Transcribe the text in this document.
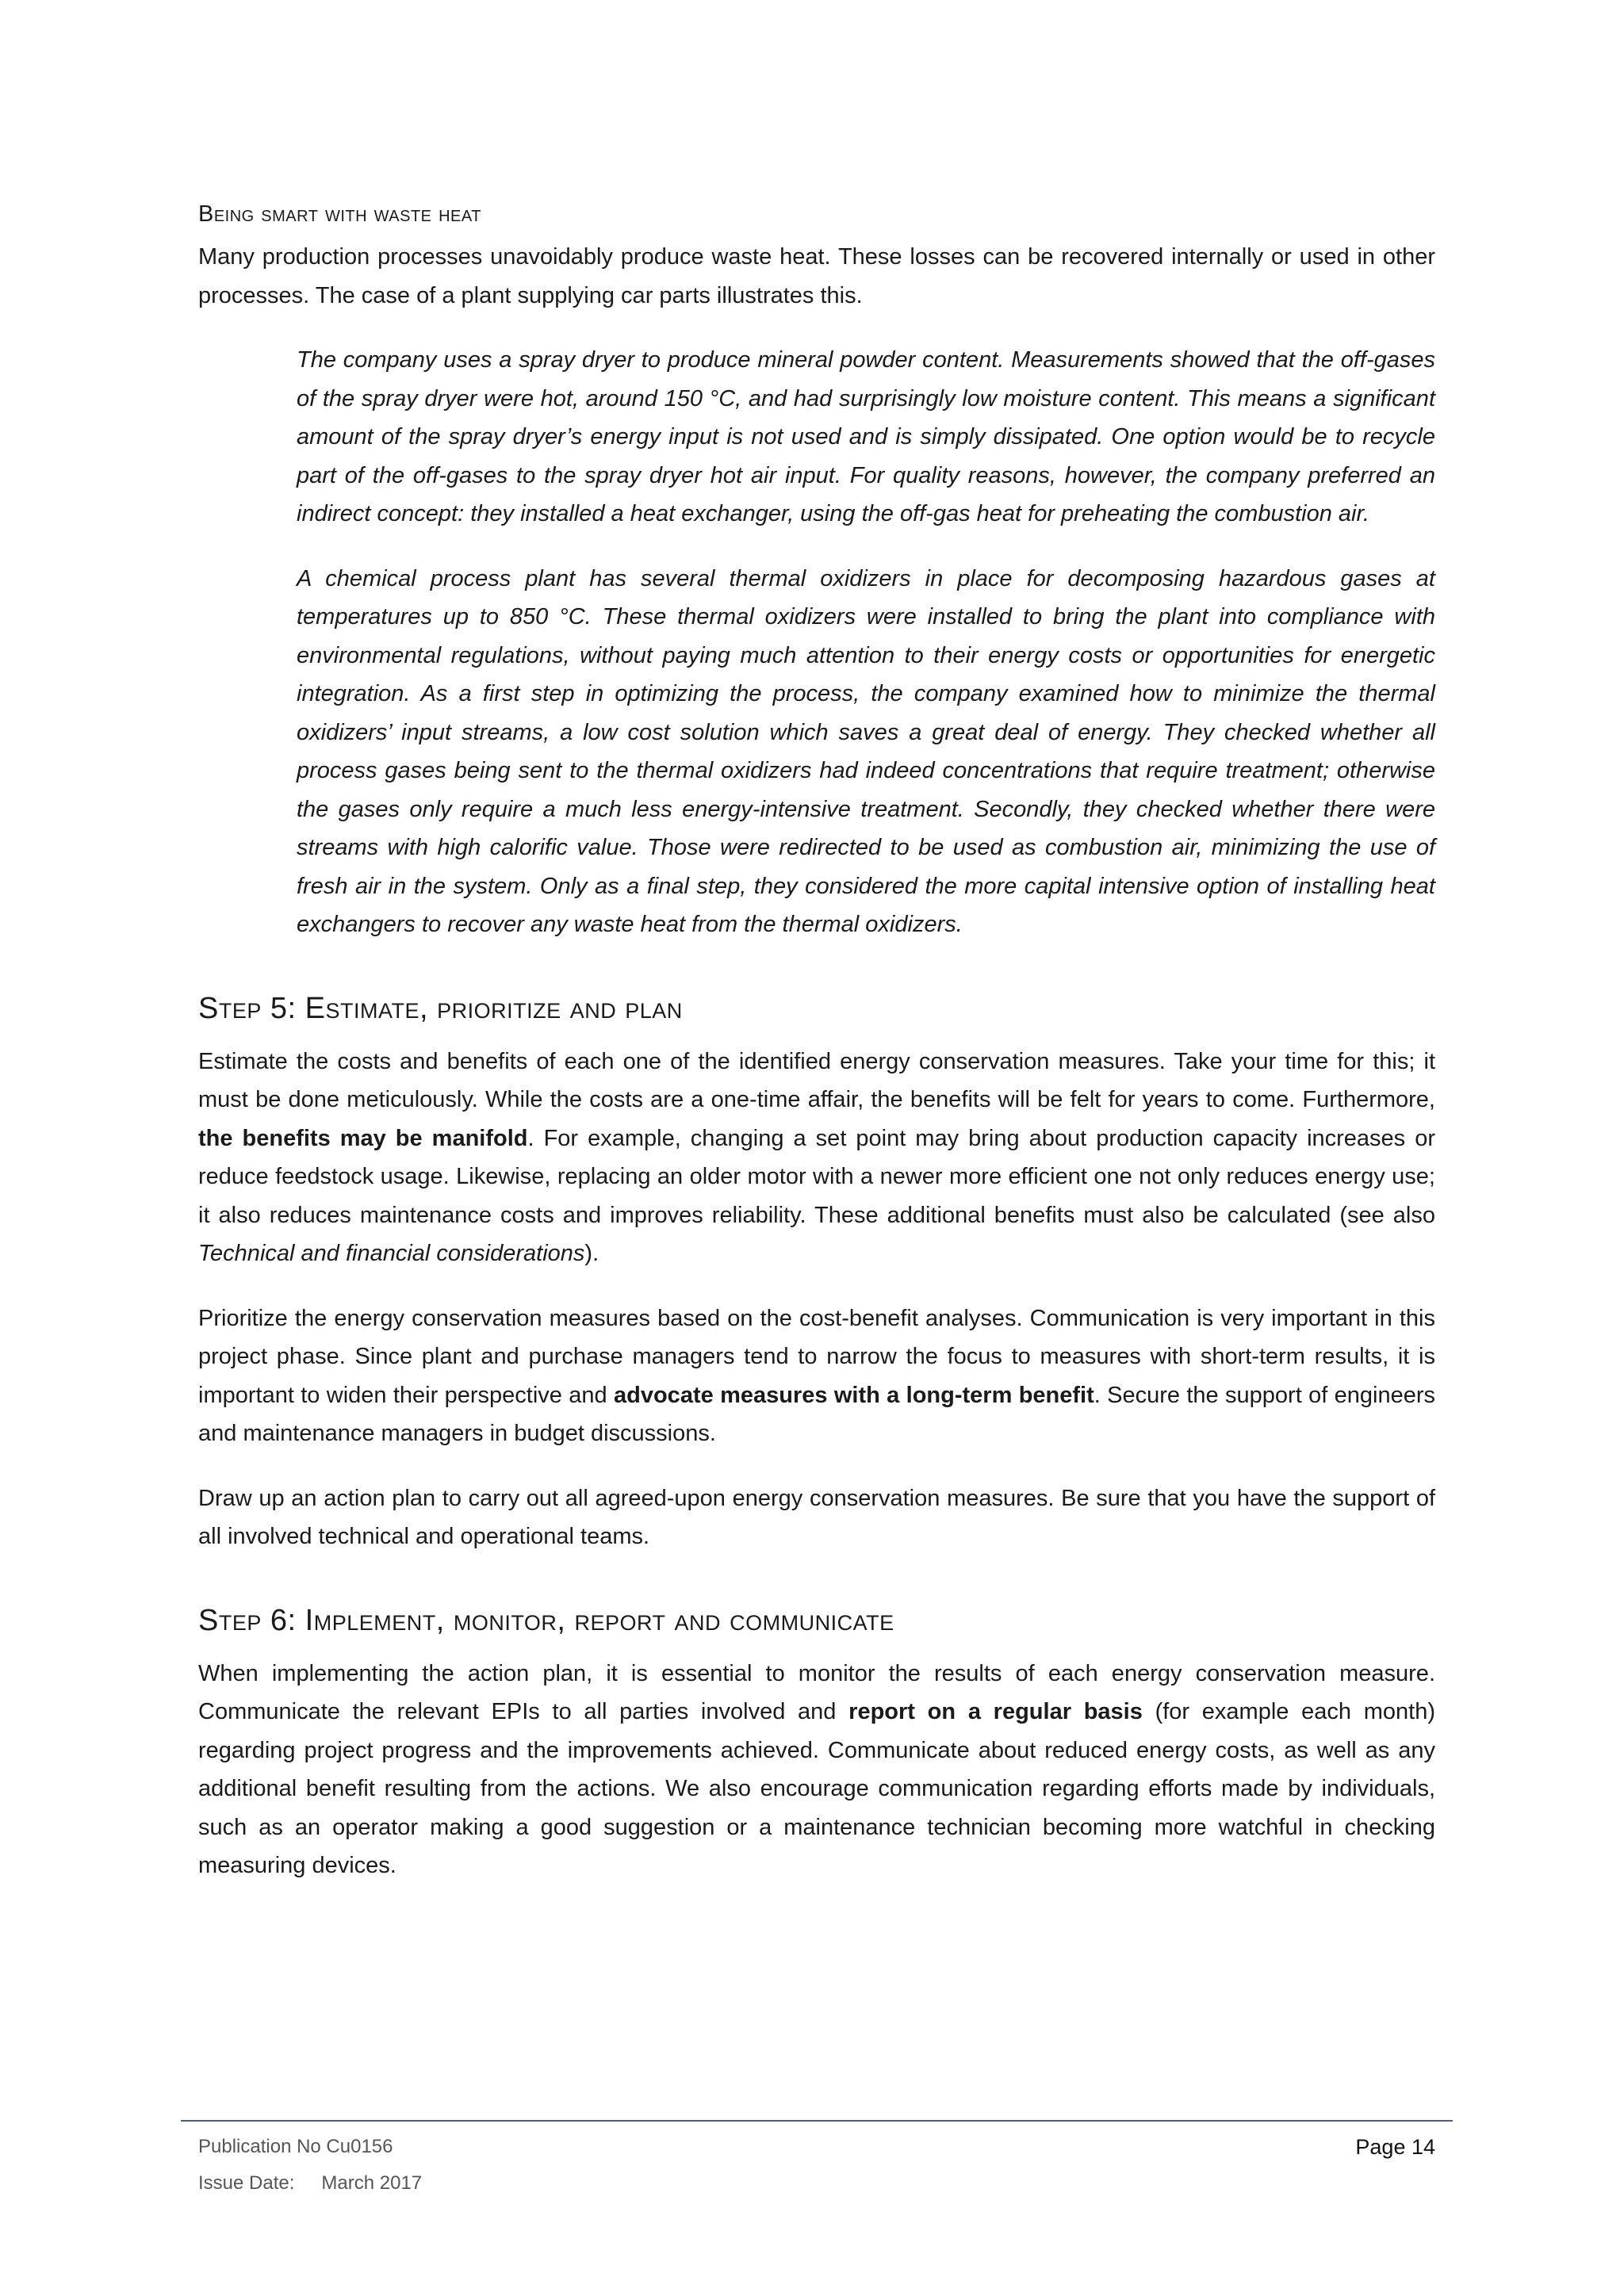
Being smart with waste heat

Many production processes unavoidably produce waste heat. These losses can be recovered internally or used in other processes. The case of a plant supplying car parts illustrates this.

The company uses a spray dryer to produce mineral powder content. Measurements showed that the off-gases of the spray dryer were hot, around 150 °C, and had surprisingly low moisture content. This means a significant amount of the spray dryer’s energy input is not used and is simply dissipated. One option would be to recycle part of the off-gases to the spray dryer hot air input. For quality reasons, however, the company preferred an indirect concept: they installed a heat exchanger, using the off-gas heat for preheating the combustion air.

A chemical process plant has several thermal oxidizers in place for decomposing hazardous gases at temperatures up to 850 °C. These thermal oxidizers were installed to bring the plant into compliance with environmental regulations, without paying much attention to their energy costs or opportunities for energetic integration. As a first step in optimizing the process, the company examined how to minimize the thermal oxidizers’ input streams, a low cost solution which saves a great deal of energy. They checked whether all process gases being sent to the thermal oxidizers had indeed concentrations that require treatment; otherwise the gases only require a much less energy-intensive treatment. Secondly, they checked whether there were streams with high calorific value. Those were redirected to be used as combustion air, minimizing the use of fresh air in the system. Only as a final step, they considered the more capital intensive option of installing heat exchangers to recover any waste heat from the thermal oxidizers.

Step 5: Estimate, prioritize and plan

Estimate the costs and benefits of each one of the identified energy conservation measures. Take your time for this; it must be done meticulously. While the costs are a one-time affair, the benefits will be felt for years to come. Furthermore, the benefits may be manifold. For example, changing a set point may bring about production capacity increases or reduce feedstock usage. Likewise, replacing an older motor with a newer more efficient one not only reduces energy use; it also reduces maintenance costs and improves reliability. These additional benefits must also be calculated (see also Technical and financial considerations).

Prioritize the energy conservation measures based on the cost-benefit analyses. Communication is very important in this project phase. Since plant and purchase managers tend to narrow the focus to measures with short-term results, it is important to widen their perspective and advocate measures with a long-term benefit. Secure the support of engineers and maintenance managers in budget discussions.

Draw up an action plan to carry out all agreed-upon energy conservation measures. Be sure that you have the support of all involved technical and operational teams.

Step 6: Implement, monitor, report and communicate

When implementing the action plan, it is essential to monitor the results of each energy conservation measure. Communicate the relevant EPIs to all parties involved and report on a regular basis (for example each month) regarding project progress and the improvements achieved. Communicate about reduced energy costs, as well as any additional benefit resulting from the actions. We also encourage communication regarding efforts made by individuals, such as an operator making a good suggestion or a maintenance technician becoming more watchful in checking measuring devices.

Publication No Cu0156
Issue Date: March 2017
Page 14
